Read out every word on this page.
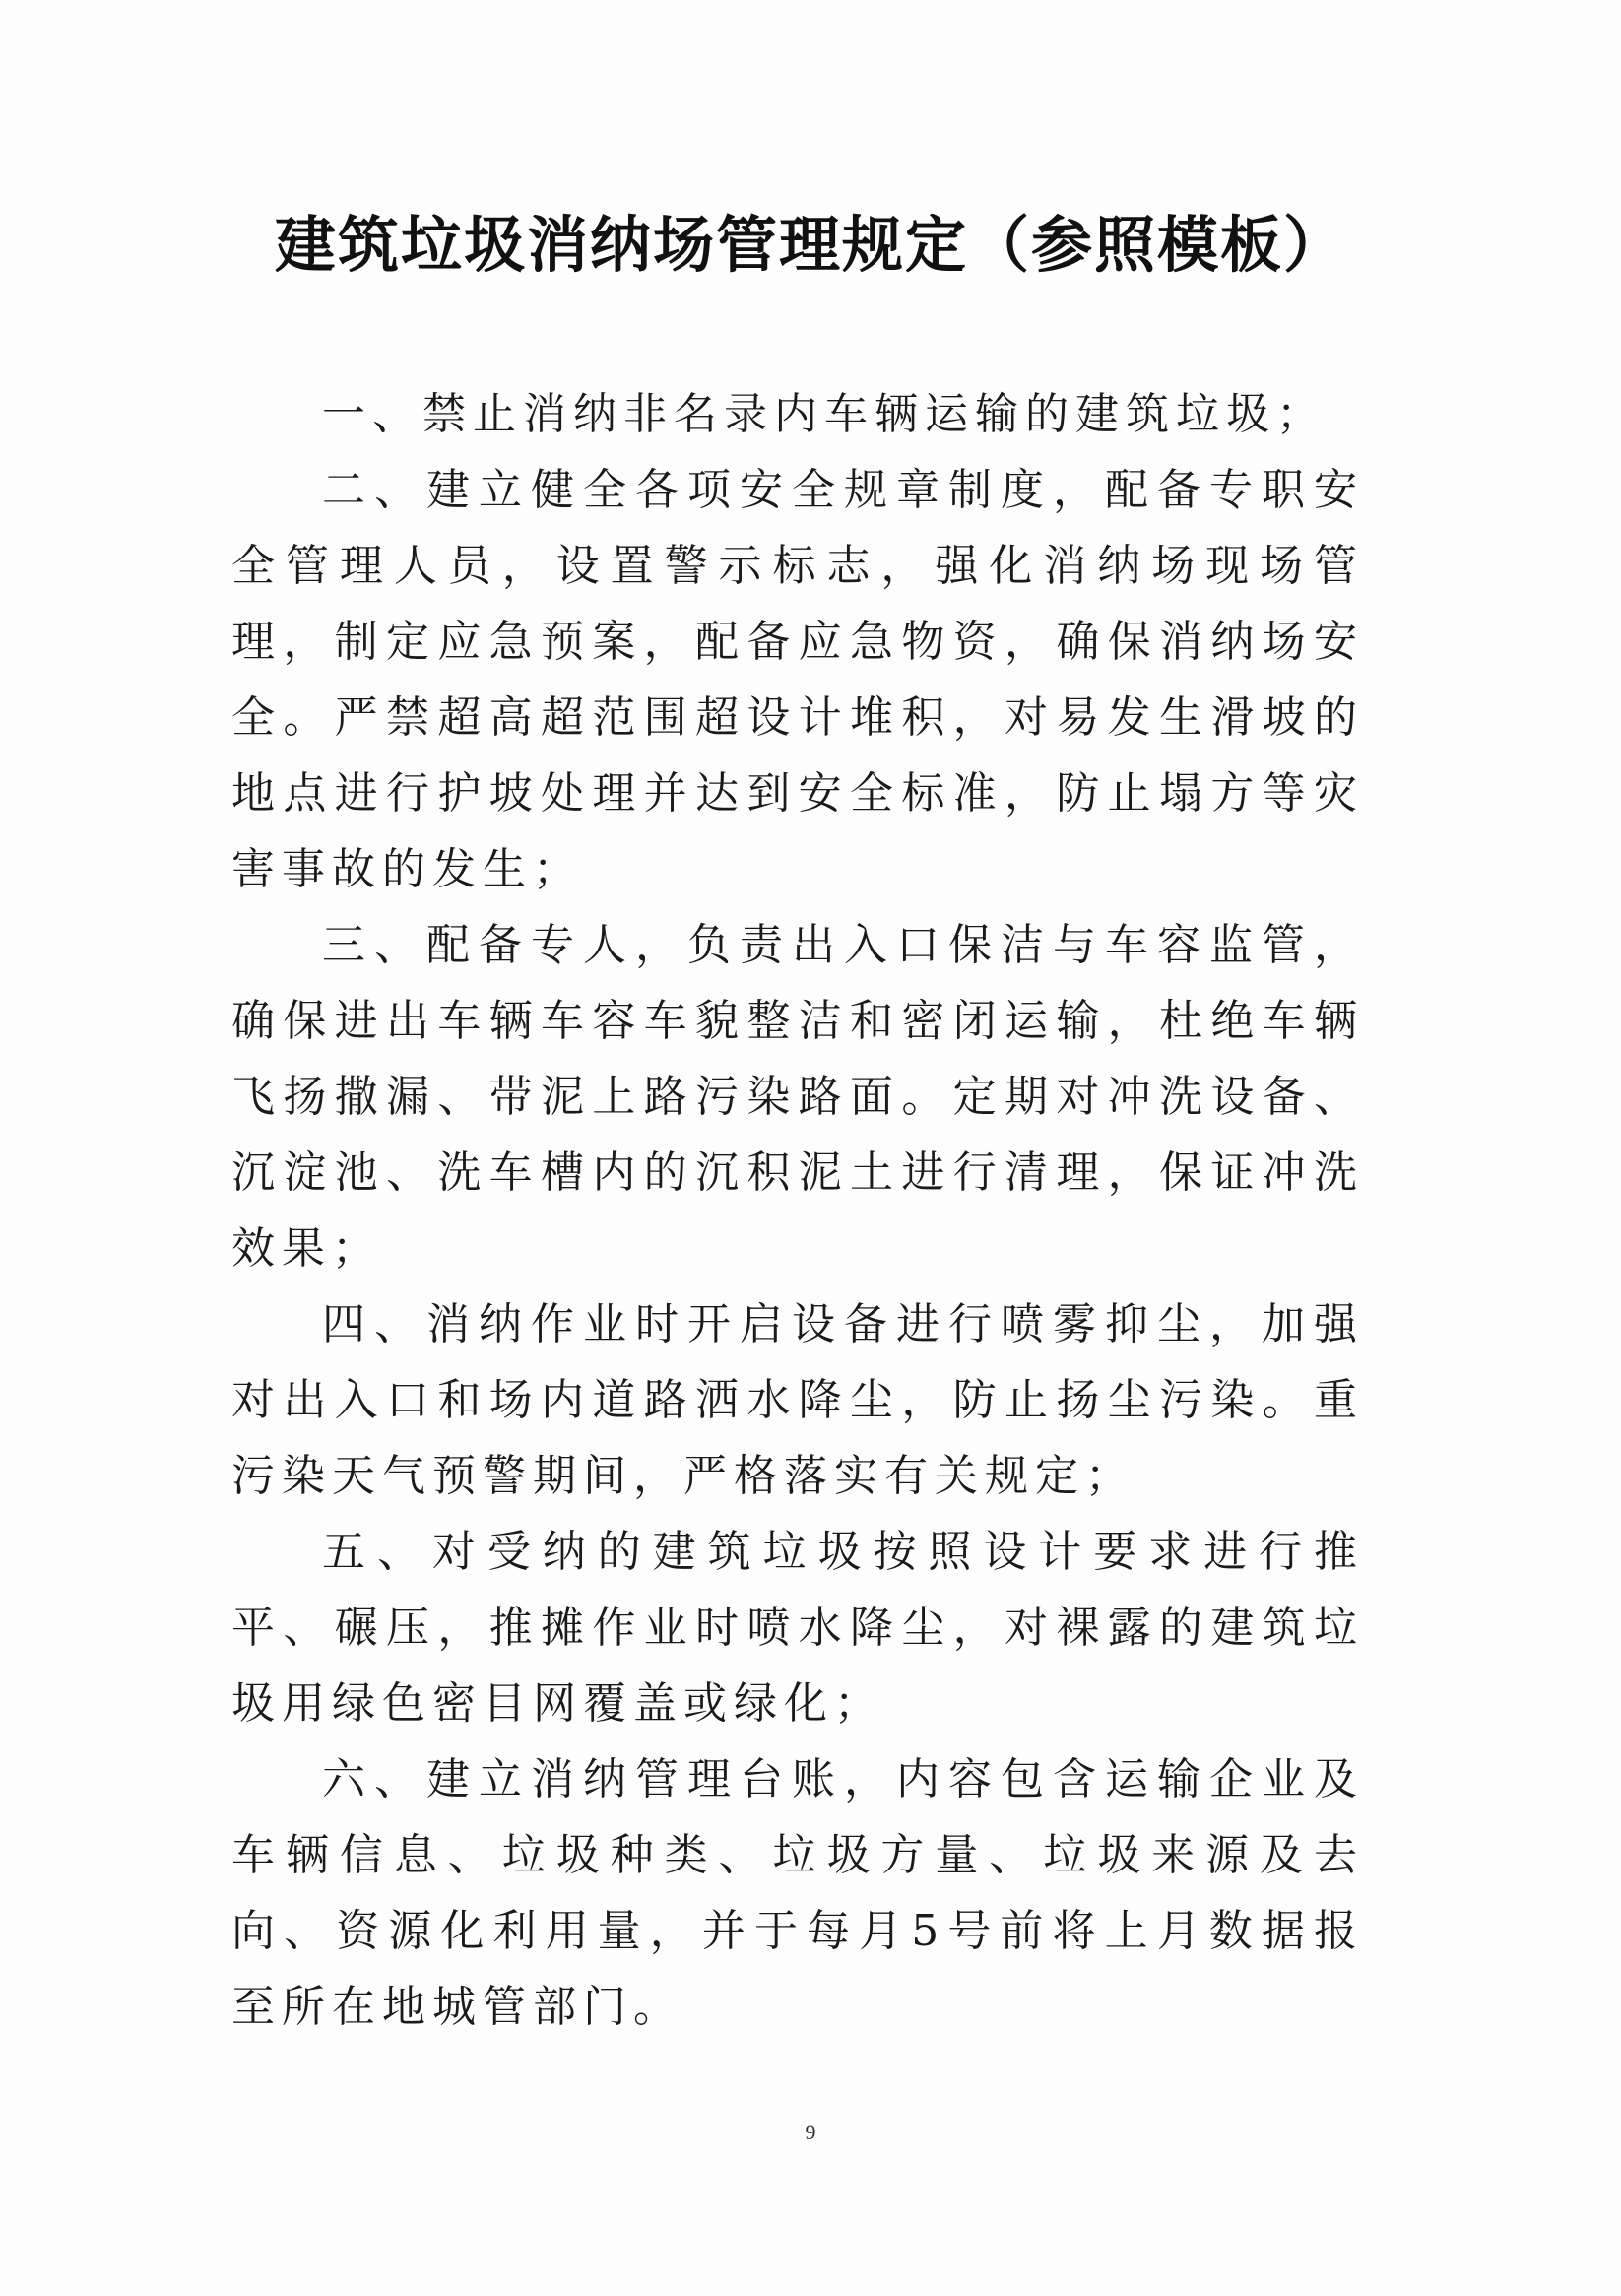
建筑垃圾消纳场管理规定（参照模板）

一、禁止消纳非名录内车辆运输的建筑垃圾；

二、建立健全各项安全规章制度，配备专职安全管理人员，设置警示标志，强化消纳场现场管理，制定应急预案，配备应急物资，确保消纳场安全。严禁超高超范围超设计堆积，对易发生滑坡的地点进行护坡处理并达到安全标准，防止塌方等灾害事故的发生；

三、配备专人，负责出入口保洁与车容监管，确保进出车辆车容车貌整洁和密闭运输，杜绝车辆飞扬撒漏、带泥上路污染路面。定期对冲洗设备、沉淀池、洗车槽内的沉积泥土进行清理，保证冲洗效果；

四、消纳作业时开启设备进行喷雾抑尘，加强对出入口和场内道路洒水降尘，防止扬尘污染。重污染天气预警期间，严格落实有关规定；

五、对受纳的建筑垃圾按照设计要求进行推平、碾压，推摊作业时喷水降尘，对裸露的建筑垃圾用绿色密目网覆盖或绿化；

六、建立消纳管理台账，内容包含运输企业及车辆信息、垃圾种类、垃圾方量、垃圾来源及去向、资源化利用量，并于每月5号前将上月数据报至所在地城管部门。

9
